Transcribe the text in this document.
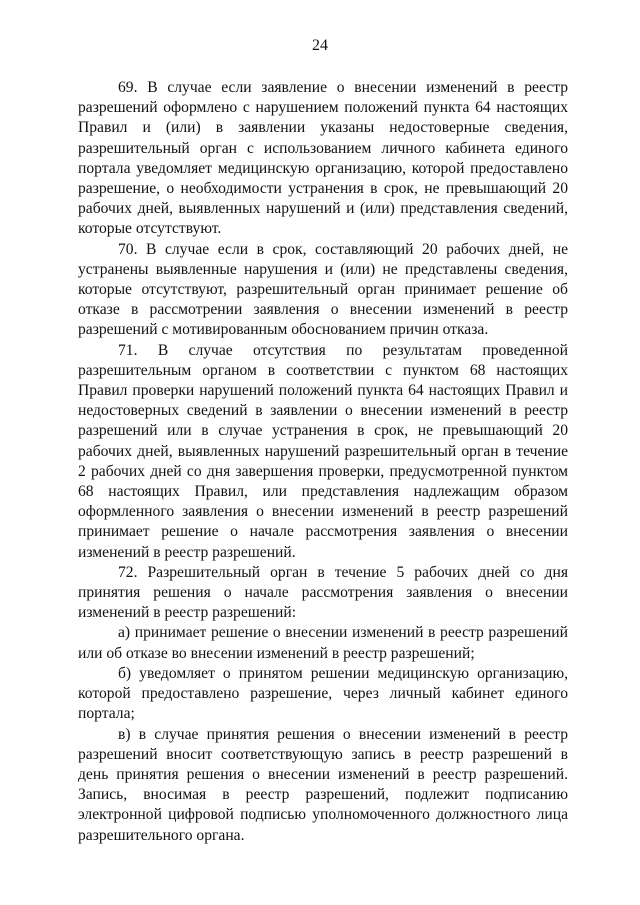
24

69. В случае если заявление о внесении изменений в реестр разрешений оформлено с нарушением положений пункта 64 настоящих Правил и (или) в заявлении указаны недостоверные сведения, разрешительный орган с использованием личного кабинета единого портала уведомляет медицинскую организацию, которой предоставлено разрешение, о необходимости устранения в срок, не превышающий 20 рабочих дней, выявленных нарушений и (или) представления сведений, которые отсутствуют.

70. В случае если в срок, составляющий 20 рабочих дней, не устранены выявленные нарушения и (или) не представлены сведения, которые отсутствуют, разрешительный орган принимает решение об отказе в рассмотрении заявления о внесении изменений в реестр разрешений с мотивированным обоснованием причин отказа.

71. В случае отсутствия по результатам проведенной разрешительным органом в соответствии с пунктом 68 настоящих Правил проверки нарушений положений пункта 64 настоящих Правил и недостоверных сведений в заявлении о внесении изменений в реестр разрешений или в случае устранения в срок, не превышающий 20 рабочих дней, выявленных нарушений разрешительный орган в течение 2 рабочих дней со дня завершения проверки, предусмотренной пунктом 68 настоящих Правил, или представления надлежащим образом оформленного заявления о внесении изменений в реестр разрешений принимает решение о начале рассмотрения заявления о внесении изменений в реестр разрешений.

72. Разрешительный орган в течение 5 рабочих дней со дня принятия решения о начале рассмотрения заявления о внесении изменений в реестр разрешений:

а) принимает решение о внесении изменений в реестр разрешений или об отказе во внесении изменений в реестр разрешений;

б) уведомляет о принятом решении медицинскую организацию, которой предоставлено разрешение, через личный кабинет единого портала;

в) в случае принятия решения о внесении изменений в реестр разрешений вносит соответствующую запись в реестр разрешений в день принятия решения о внесении изменений в реестр разрешений. Запись, вносимая в реестр разрешений, подлежит подписанию электронной цифровой подписью уполномоченного должностного лица разрешительного органа.
